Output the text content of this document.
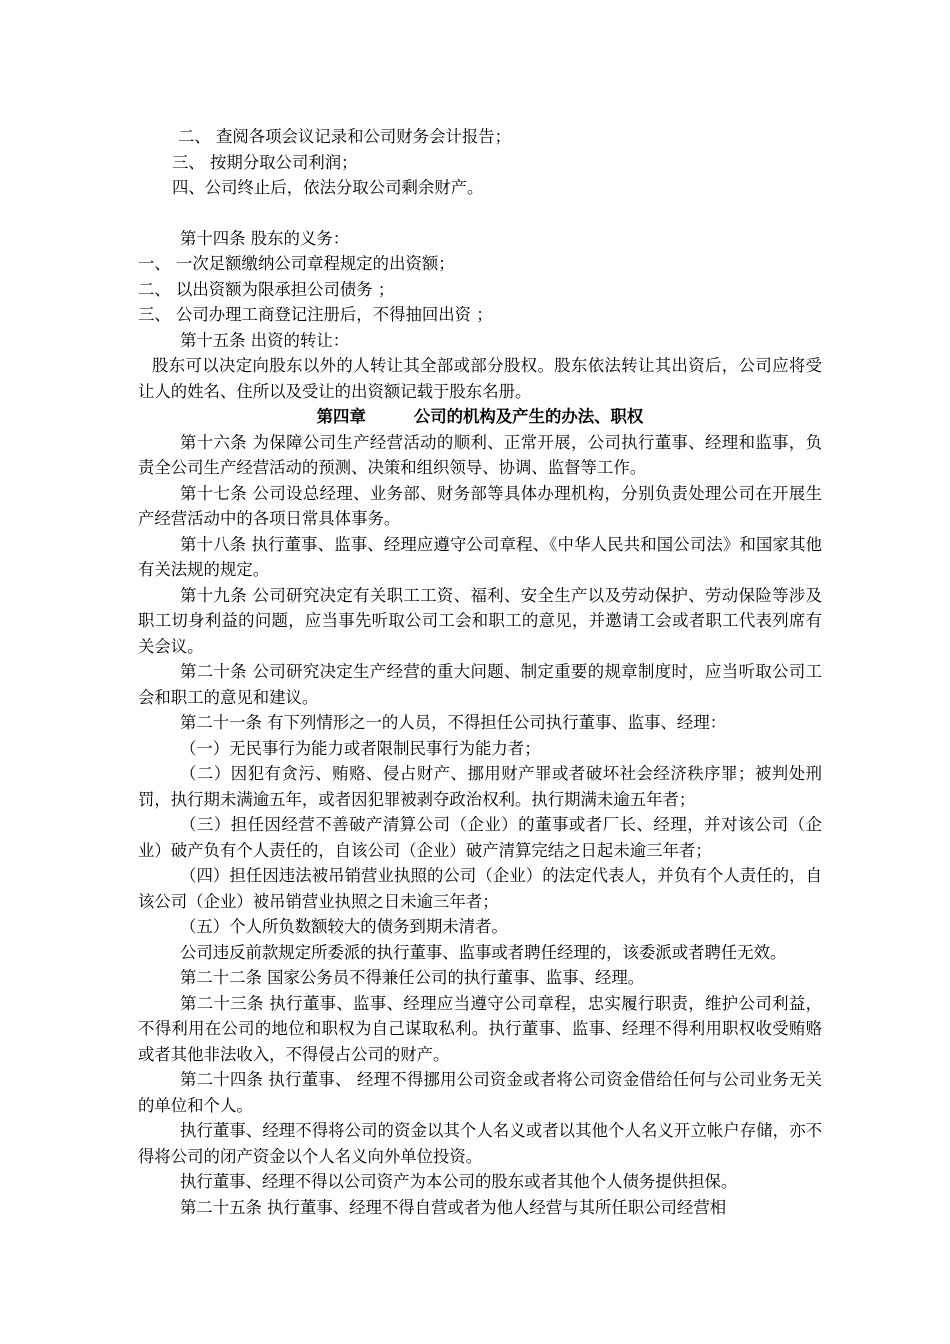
二、 查阅各项会议记录和公司财务会计报告；

三、 按期分取公司利润；

四、公司终止后，依法分取公司剩余财产。

第十四条 股东的义务：

一、 一次足额缴纳公司章程规定的出资额；

二、 以出资额为限承担公司债务 ；

三、 公司办理工商登记注册后，不得抽回出资 ；

第十五条 出资的转让：

股东可以决定向股东以外的人转让其全部或部分股权。股东依法转让其出资后，公司应将受让人的姓名、住所以及受让的出资额记载于股东名册。

第四章	公司的机构及产生的办法、职权

第十六条 为保障公司生产经营活动的顺利、正常开展，公司执行董事、经理和监事，负责全公司生产经营活动的预测、决策和组织领导、协调、监督等工作。

第十七条 公司设总经理、业务部、财务部等具体办理机构，分别负责处理公司在开展生产经营活动中的各项日常具体事务。

第十八条 执行董事、监事、经理应遵守公司章程、《中华人民共和国公司法》和国家其他有关法规的规定。

第十九条 公司研究决定有关职工工资、福利、安全生产以及劳动保护、劳动保险等涉及职工切身利益的问题，应当事先听取公司工会和职工的意见，并邀请工会或者职工代表列席有关会议。

第二十条 公司研究决定生产经营的重大问题、制定重要的规章制度时，应当听取公司工会和职工的意见和建议。

第二十一条 有下列情形之一的人员，不得担任公司执行董事、监事、经理：

（一）无民事行为能力或者限制民事行为能力者；

（二）因犯有贪污、贿赂、侵占财产、挪用财产罪或者破坏社会经济秩序罪；被判处刑罚，执行期未满逾五年，或者因犯罪被剥夺政治权利。执行期满未逾五年者；

（三）担任因经营不善破产清算公司（企业）的董事或者厂长、经理，并对该公司（企业）破产负有个人责任的，自该公司（企业）破产清算完结之日起未逾三年者；

（四）担任因违法被吊销营业执照的公司（企业）的法定代表人，并负有个人责任的，自该公司（企业）被吊销营业执照之日未逾三年者；

（五）个人所负数额较大的债务到期未清者。

公司违反前款规定所委派的执行董事、监事或者聘任经理的，该委派或者聘任无效。

第二十二条 国家公务员不得兼任公司的执行董事、监事、经理。

第二十三条 执行董事、监事、经理应当遵守公司章程，忠实履行职责，维护公司利益，不得利用在公司的地位和职权为自己谋取私利。执行董事、监事、经理不得利用职权收受贿赂或者其他非法收入，不得侵占公司的财产。

第二十四条 执行董事、 经理不得挪用公司资金或者将公司资金借给任何与公司业务无关的单位和个人。

执行董事、经理不得将公司的资金以其个人名义或者以其他个人名义开立帐户存储，亦不得将公司的闭产资金以个人名义向外单位投资。

执行董事、经理不得以公司资产为本公司的股东或者其他个人债务提供担保。

第二十五条 执行董事、经理不得自营或者为他人经营与其所任职公司经营相
